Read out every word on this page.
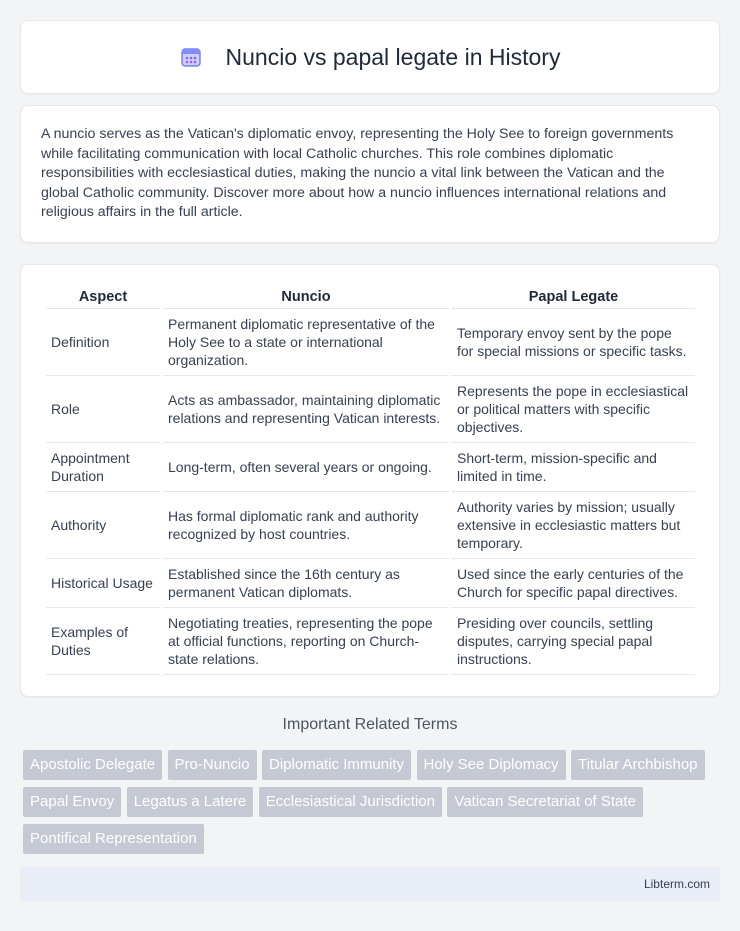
Nuncio vs papal legate in History

A nuncio serves as the Vatican's diplomatic envoy, representing the Holy See to foreign governments while facilitating communication with local Catholic churches. This role combines diplomatic responsibilities with ecclesiastical duties, making the nuncio a vital link between the Vatican and the global Catholic community. Discover more about how a nuncio influences international relations and religious affairs in the full article.

Aspect	Nuncio	Papal Legate
Definition	Permanent diplomatic representative of the Holy See to a state or international organization.	Temporary envoy sent by the pope for special missions or specific tasks.
Role	Acts as ambassador, maintaining diplomatic relations and representing Vatican interests.	Represents the pope in ecclesiastical or political matters with specific objectives.
Appointment Duration	Long-term, often several years or ongoing.	Short-term, mission-specific and limited in time.
Authority	Has formal diplomatic rank and authority recognized by host countries.	Authority varies by mission; usually extensive in ecclesiastic matters but temporary.
Historical Usage	Established since the 16th century as permanent Vatican diplomats.	Used since the early centuries of the Church for specific papal directives.
Examples of Duties	Negotiating treaties, representing the pope at official functions, reporting on Church-state relations.	Presiding over councils, settling disputes, carrying special papal instructions.
Important Related Terms
Apostolic Delegate Pro-Nuncio Diplomatic Immunity Holy See Diplomacy Titular Archbishop Papal Envoy Legatus a Latere Ecclesiastical Jurisdiction Vatican Secretariat of State Pontifical Representation
Libterm.com
